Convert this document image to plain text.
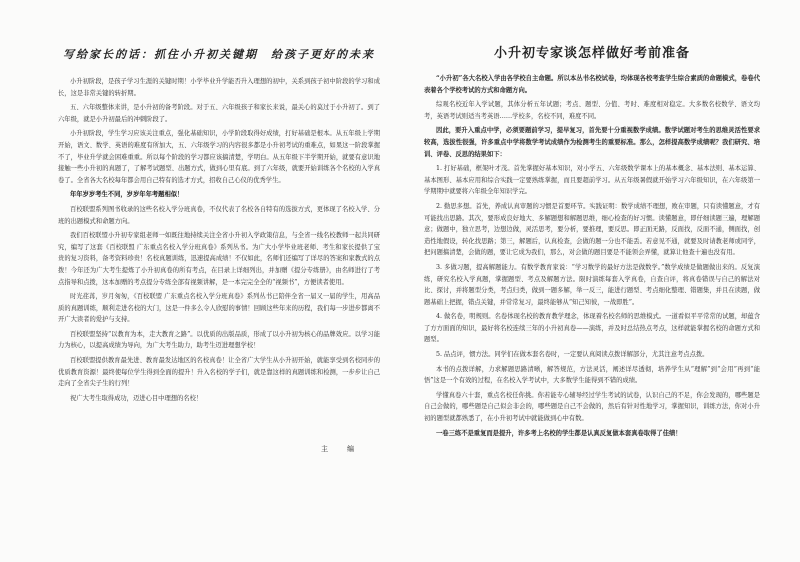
写给家长的话：抓住小升初关键期　给孩子更好的未来

小升初阶段，是孩子学习生涯的关键时期！小学毕业升学能否升入理想的初中，关系到孩子初中阶段的学习和成长，这是非常关键的转折期。

五、六年级整体来讲，是小升初的备考阶段。对于五、六年级孩子和家长来说，最关心的莫过于小升初了。到了六年级，就是小升初最后的冲刺阶段了。

小升初阶段，学生学习应该关注重点，强化基础知识，小学阶段取得好成绩，打好基础是根本。从五年级上学期开始，语文、数学、英语的难度有所加大，五、六年级学习的内容很多都是小升初考试的重难点，如果这一阶段掌握不了，毕业升学就会困难重重。所以每个阶段的学习都应该搞清楚，学明白。从五年级下半学期开始，就要有意识地接触一些小升初的真题了，了解考试题型、出题方式，做到心里有底。到了六年级，就要开始训练各个名校的入学真卷了。全省各大名校每年都会用自己特有的选才方式，招收自己心仪的优秀学生。

年年岁岁考生不同，岁岁年年考题相似！

百校联盟系列图书收录的这些名校入学分班真卷，不仅代表了名校各自特有的选拔方式，更体现了名校入学、分班的出题模式和命题方向。

我们百校联盟小升初专家组老师一如既往地持续关注全省小升初入学政策信息，与全省一线名校教师一起共同研究，编写了这套《百校联盟 广东重点名校入学分班真卷》系列丛书。为广大小学毕业班老师、考生和家长提供了宝贵的复习资料，备考资料珍贵！名校真题训练，迅速提高成绩！不仅如此，名师们还编写了详尽的答案和家教式的点拨！今年还为广大考生提炼了小升初真卷的所有考点，在目录上详细列出，并加赠《提分专练册》，由名师进行了考点指导和点拨，这本加赠的考点提分专练全部有视频讲解，是一本完完全全的“视频书”，方便读者使用。

时光荏苒，岁月匆匆，《百校联盟 广东重点名校入学分班真卷》系列丛书已陪伴全省一届又一届的学生，用高品质的真题训练，顺利走进名校的大门，这是一件多么令人欣慰的事情！回顾这些年来的历程，我们每一步进步都离不开广大读者的爱护与支持。

百校联盟坚持“以教育为本，走大教育之路”。以优质的出版品质，形成了以小升初为核心的品牌效应。以学习能力为核心，以提高成绩为导向，为广大考生助力，助考生迈进理想学校！

百校联盟提供教育最先进、教育最发达地区的名校真卷！让全省广大学生从小升初开始，就能享受到名校同步的优质教育资源！最终使每位学生得到全面的提升！升入名校的学子们，就是靠这样的真题训练和检测，一步步让自己走向了全省尖子生的行列！

祝广大考生取得成功，迈进心目中理想的名校！

主　编
小升初专家谈怎样做好考前准备

“小升初”各大名校入学由各学校自主命题。所以本丛书名校试卷，均体现各校考查学生综合素质的命题模式，卷卷代表着各个学校考试的方式和命题方向。

综观名校近年入学试题，其体分析五年试题；考点、题型、分值、考时、难度相对稳定。大多数名校数学、语文均考，英语考试则适当考英语……学校多，名校不同，难度不同。

因此，要升入重点中学，必须要题前学习，提早复习，首先要十分重视数学成绩。数学试题对考生的思维灵活性要求较高，选拔性很强，许多重点中学将数学考试成绩作为检测考生的重要标准。那么，怎样提高数学成绩呢？我们研究、培训、评卷、反思的结果如下：

1. 打好基础，框架叶才茂。首先掌握好基本知识，对小学五、六年级数学课本上的基本概念、基本法则、基本运算、基本图形、基本应用和综合实践一定要熟练掌握，而且要超前学习。从五年级暑假就开始学习六年级知识，在六年级第一学期期中就要将六年级全年知识学完。

2. 勤思多想。首先，养成认真审题的习惯是首要环节。实践证明：数学成绩不理想，败在审题，只有读懂题意，才有可能找出思路。其次，要形成良好地大、多解题想和解题思维，细心检查的好习惯。读懂题意，即仔细读题三遍，理解题意；做题中，独立思考，边想边做，灵活思考，要分析，要推理，要反思。即正面无路，反面找，反面不通，侧面找，创造性地假设，转化找思路；第三，解题后，认真检查，会做的题一分也不能丢。若意见不通，就要及时请教老师或同学，把问题搞清楚，会做的题，要让它成为我们，那么，对会做的题目要是不能领会弄懂，就算让他查十遍也没有用。

3. 多做习题，提高解题能力。有数学教育家说：“学习数学的最好方法是做数学。”数学成绩是做题做出来的。反复演练，研究名校入学真题，掌握题型、考点及解题方法。限时演练每套入学真卷，自查自评，将真卷错误与自己的解法对比、探讨，并将题型分类，考点归类，做到一题多解，举一反三，能进行题型、考点细化整理、错题集，并且在读题，做题基础上把握，错点关键，并常常复习，最终能够从“知己知彼，一战即胜”。

4. 做名卷，明规则。名卷体现名校的教育教学理念，体现着名校名师的思维模式。一道看似平平常常的试题，却蕴含了方方面面的知识，最好将名校连续三年的小升初真卷——演练，并及时总结热点考点，这样就能掌握名校的命题方式和题型。

5. 品点评，惯方法。同学们在做本套名卷时，一定要认真阅读点拨详解部分，尤其注意考点点拨。

本书的点拨详解，力求解题思路清晰，解答规范，方法灵活，阐述详尽透彻，培养学生从“理解”到“会用”再到“能悟”这是一个有效的过程，在名校入学考试中，大多数学生能得到不错的成绩。

学懂真卷六十套，重点名校任你挑。你若能专心辅导经过学生考试的试卷，认识自己的不足，你会发现的，哪些题是自己会做的，哪些题是自己似会非会的，哪些题是自己不会做的，然后有针对性地学习，掌握知识，训练方法，你对小升初的题型就都熟悉了，在小升初考试中就能做到心中有数。

一卷三练不是重复而是提升，许多考上名校的学生都是认真反复做本套真卷取得了佳绩！
